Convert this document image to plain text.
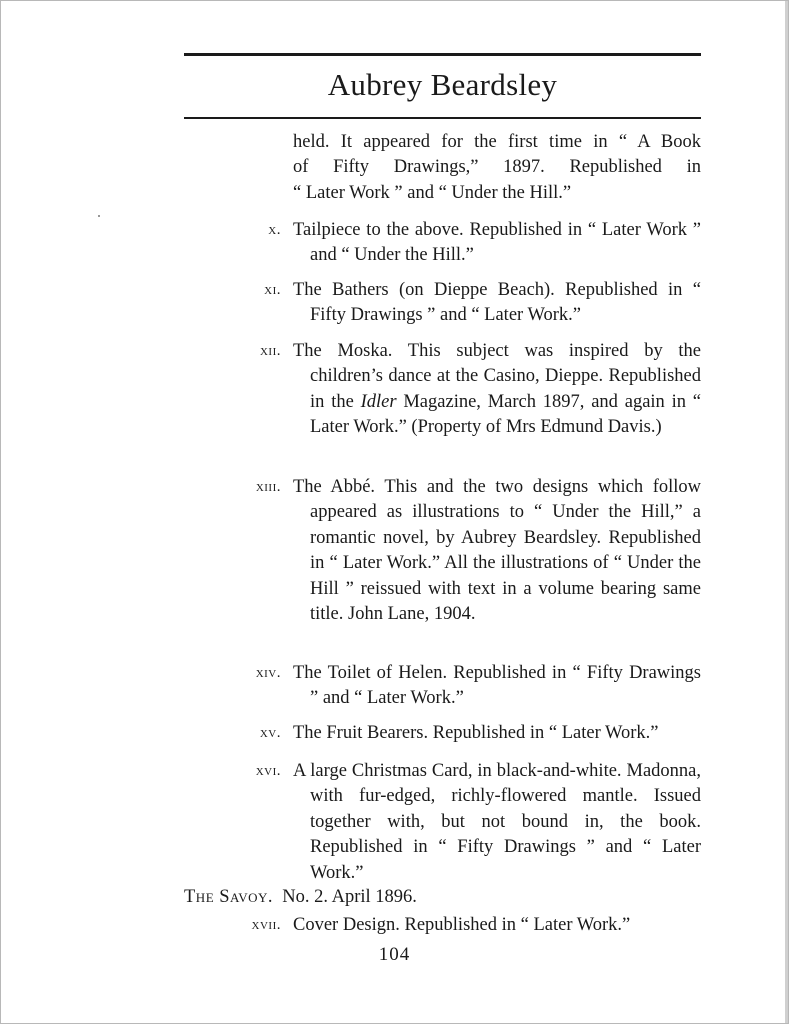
Aubrey Beardsley
held. It appeared for the first time in “ A Book
of Fifty Drawings,” 1897. Republished in
“ Later Work ” and “ Under the Hill.”
x. Tailpiece to the above. Republished in “ Later Work ” and “ Under the Hill.”
xi. The Bathers (on Dieppe Beach). Republished in “ Fifty Drawings ” and “ Later Work.”
xii. The Moska. This subject was inspired by the children’s dance at the Casino, Dieppe. Republished in the Idler Magazine, March 1897, and again in “ Later Work.” (Property of Mrs Edmund Davis.)
xiii. The Abbé. This and the two designs which follow appeared as illustrations to “ Under the Hill,” a romantic novel, by Aubrey Beardsley. Republished in “ Later Work.” All the illustrations of “ Under the Hill ” reissued with text in a volume bearing same title. John Lane, 1904.
xiv. The Toilet of Helen. Republished in “ Fifty Drawings ” and “ Later Work.”
xv. The Fruit Bearers. Republished in “ Later Work.”
xvi. A large Christmas Card, in black-and-white. Madonna, with fur-edged, richly-flowered mantle. Issued together with, but not bound in, the book. Republished in “ Fifty Drawings ” and “ Later Work.”
The Savoy. No. 2. April 1896.
xvii. Cover Design. Republished in “ Later Work.”
104
